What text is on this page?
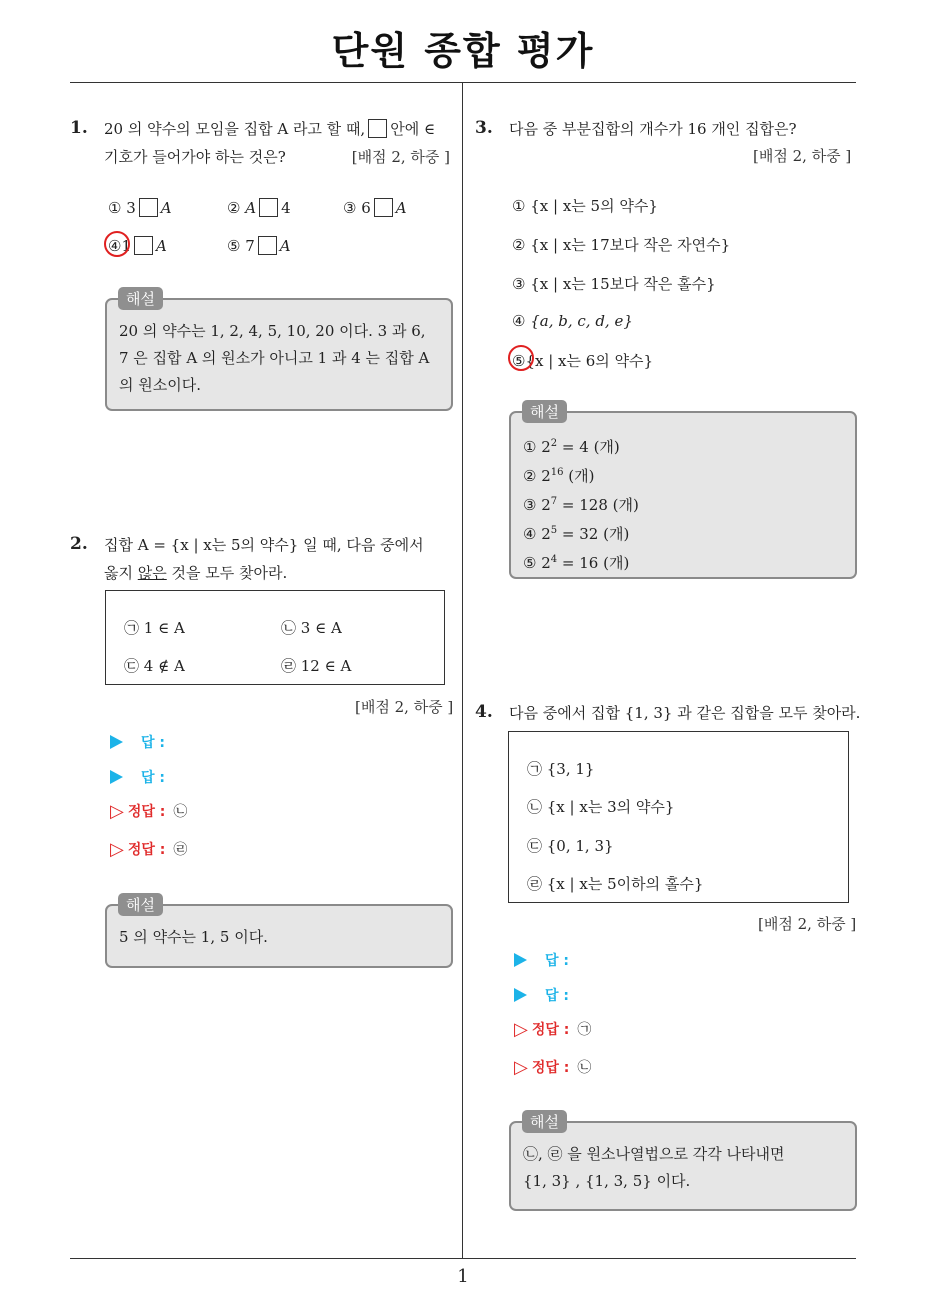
단원 종합 평가
1
1. 20 의 약수의 모임을 집합 A 라고 할 때, 안에 ∈
기호가 들어가야 하는 것은?	[배점 2, 하중 ]
① 3 A	② A 4	③ 6 A
④1 A	⑤ 7 A
20 의 약수는 1, 2, 4, 5, 10, 20 이다. 3 과 6, 7 은 집합 A 의 원소가 아니고 1 과 4 는 집합 A 의 원소이다.
해설
2. 집합 A = {x | x는 5의 약수} 일 때, 다음 중에서
옳지 않은 것을 모두 찾아라.
㉠ 1 ∈ A	㉡ 3 ∈ A
㉢ 4 ∉ A	㉣ 12 ∈ A
[배점 2, 하중 ]
답 :
답 :
▷ 정답 : ㉡
▷ 정답 : ㉣
5 의 약수는 1, 5 이다.
해설
3. 다음 중 부분집합의 개수가 16 개인 집합은?
[배점 2, 하중 ]
① {x | x는 5의 약수}
② {x | x는 17보다 작은 자연수}
③ {x | x는 15보다 작은 홀수}
④ {a, b, c, d, e}
⑤{x | x는 6의 약수}
① $2^2 = 4$ (개)
② $2^{16}$ (개)
③ $2^7 = 128$ (개)
④ $2^5 = 32$ (개)
⑤ $2^4 = 16$ (개)
해설
4. 다음 중에서 집합 {1, 3} 과 같은 집합을 모두 찾아라.
㉠ {3, 1}
㉡ {x | x는 3의 약수}
㉢ {0, 1, 3}
㉣ {x | x는 5이하의 홀수}
[배점 2, 하중 ]
답 :
답 :
▷ 정답 : ㉠
▷ 정답 : ㉡
㉡, ㉣ 을 원소나열법으로 각각 나타내면
{1, 3} , {1, 3, 5} 이다.
해설
